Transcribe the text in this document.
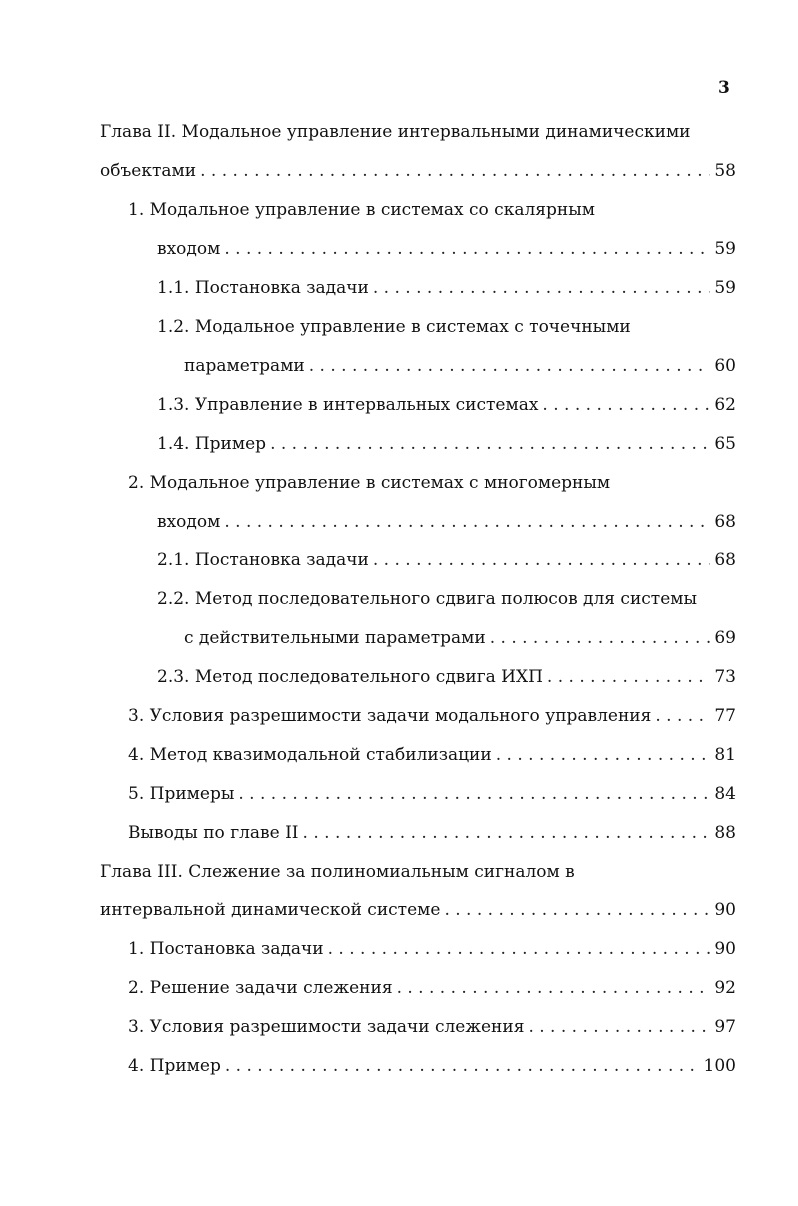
3
Глава II. Модальное управление интервальными динамическими
объектами . . .	58
1. Модальное управление в системах со скалярным
входом . . .	59
1.1. Постановка задачи . . .	59
1.2. Модальное управление в системах с точечными
параметрами . . .	60
1.3. Управление в интервальных системах . . .	62
1.4. Пример . . .	65
2. Модальное управление в системах с многомерным
входом . . .	68
2.1. Постановка задачи . . .	68
2.2. Метод последовательного сдвига полюсов для системы
с действительными параметрами . . .	69
2.3. Метод последовательного сдвига ИХП . . .	73
3. Условия разрешимости задачи модального управления . . .	77
4. Метод квазимодальной стабилизации . . .	81
5. Примеры . . .	84
Выводы по главе II . . .	88
Глава III. Слежение за полиномиальным сигналом в
интервальной динамической системе . . .	90
1. Постановка задачи . . .	90
2. Решение задачи слежения . . .	92
3. Условия разрешимости задачи слежения . . .	97
4. Пример . . .	100
